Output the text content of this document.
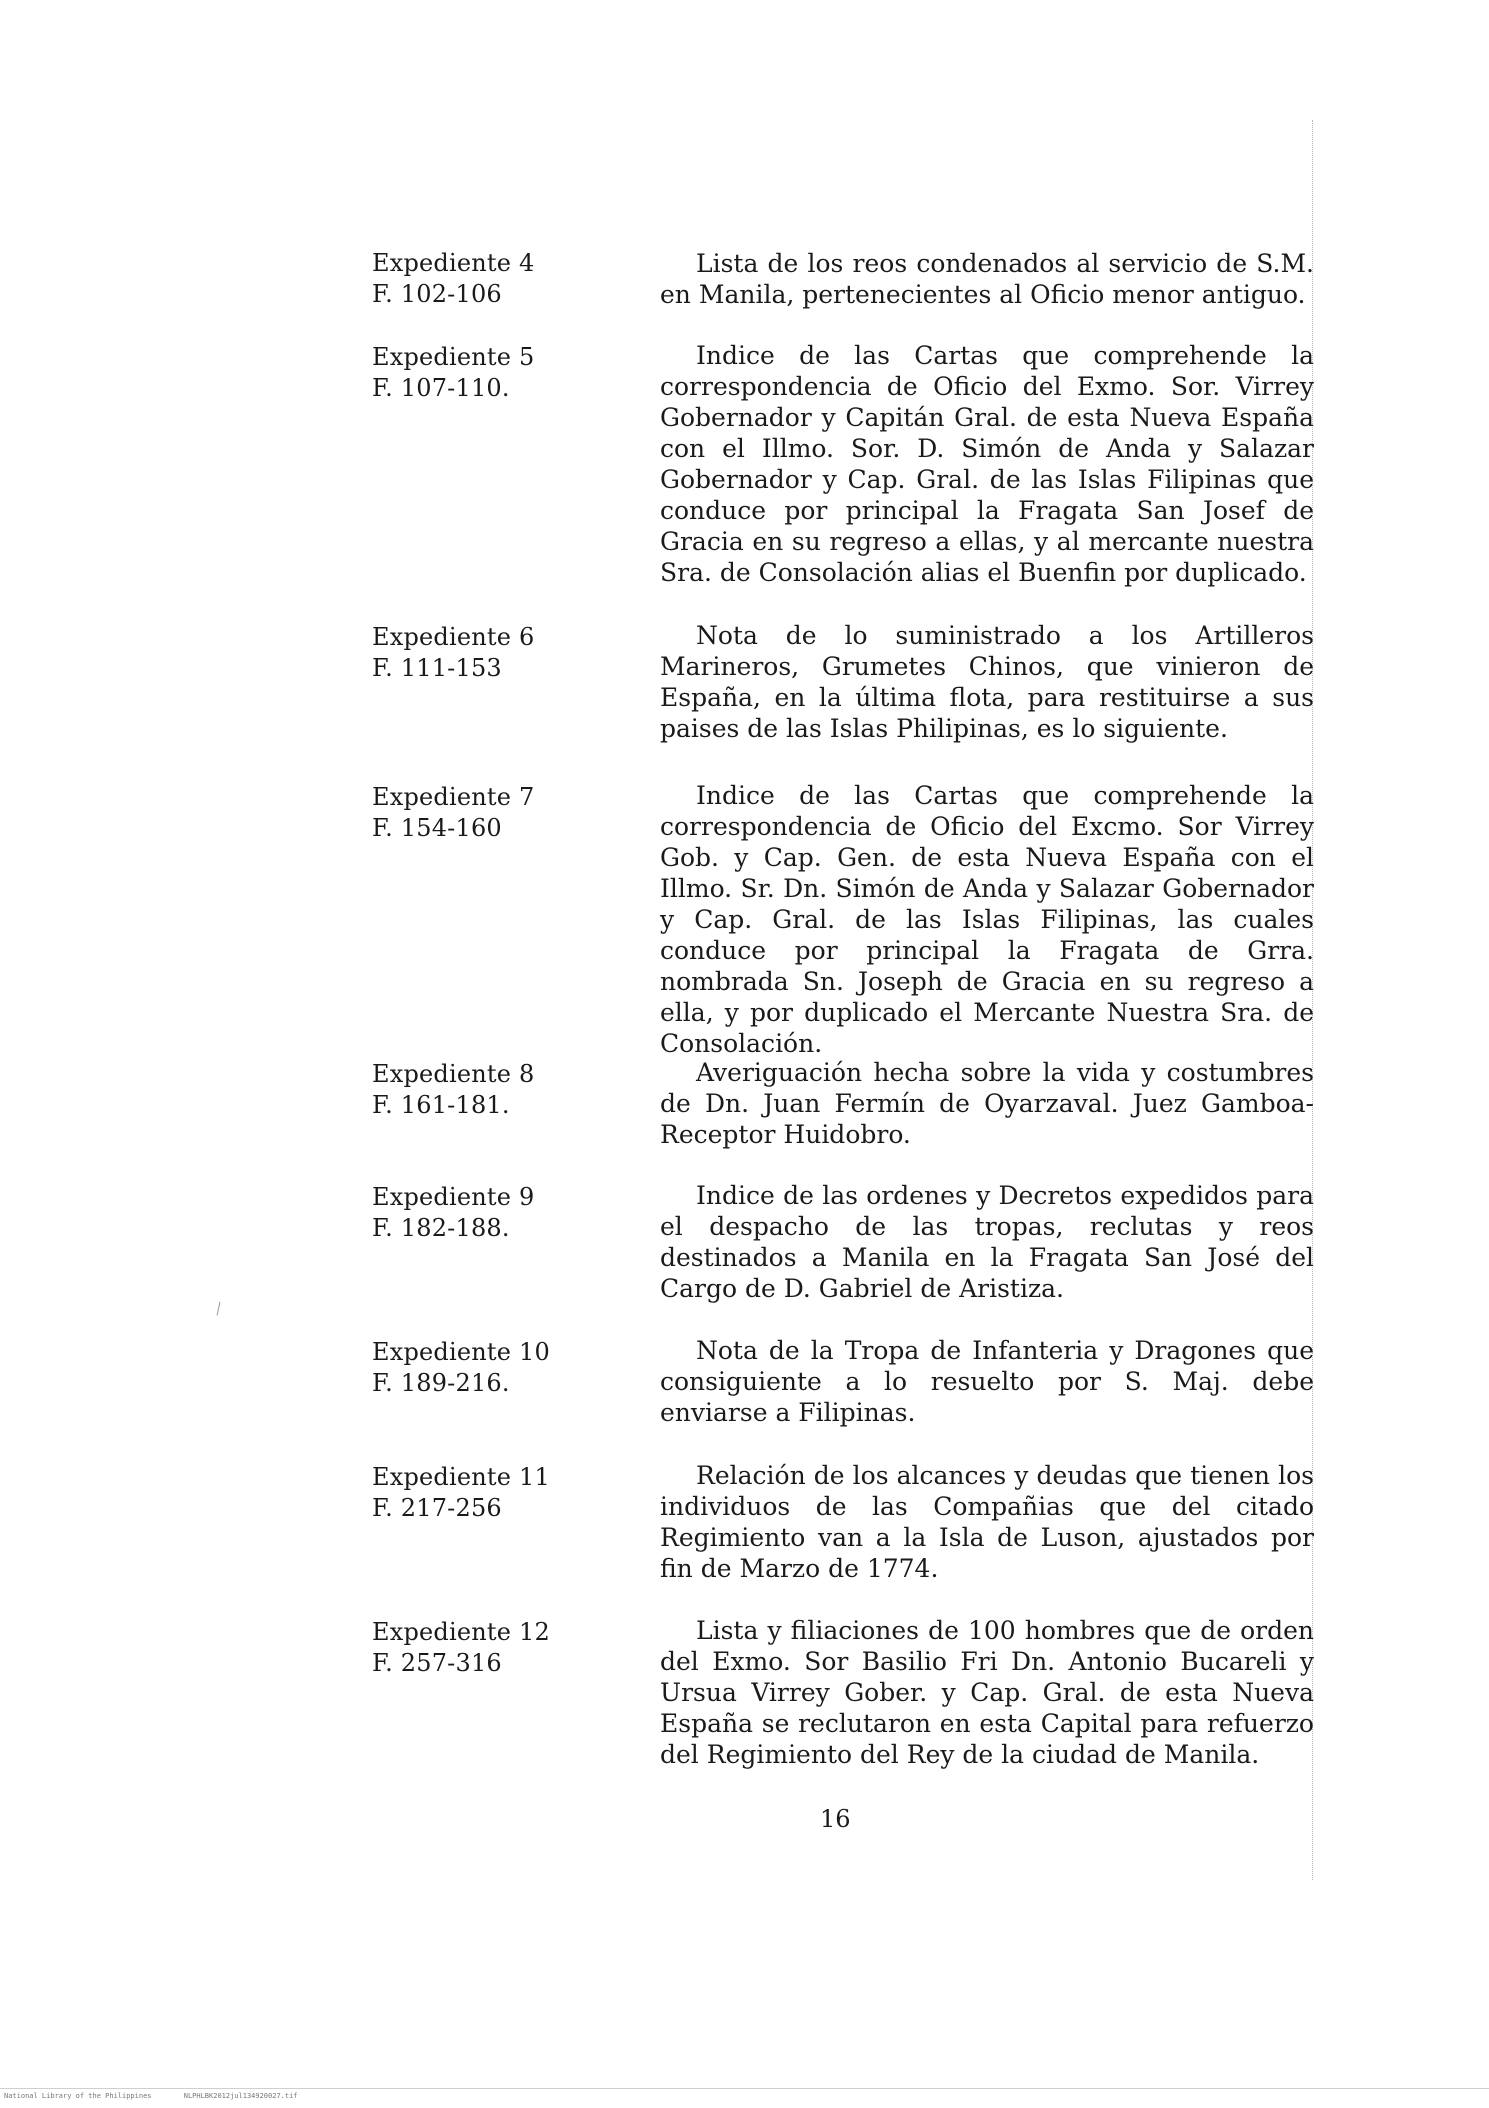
Expediente 4
F. 102-106
Lista de los reos condenados al servicio de S.M. en Manila, pertenecientes al Oficio menor antiguo.
Expediente 5
F. 107-110.
Indice de las Cartas que comprehende la correspondencia de Oficio del Exmo. Sor. Virrey Gobernador y Capitán Gral. de esta Nueva España con el Illmo. Sor. D. Simón de Anda y Salazar Gobernador y Cap. Gral. de las Islas Filipinas que conduce por principal la Fragata San Josef de Gracia en su regreso a ellas, y al mercante nuestra Sra. de Consolación alias el Buenfin por duplicado.
Expediente 6
F. 111-153
Nota de lo suministrado a los Artilleros Marineros, Grumetes Chinos, que vinieron de España, en la última flota, para restituirse a sus paises de las Islas Philipinas, es lo siguiente.
Expediente 7
F. 154-160
Indice de las Cartas que comprehende la correspondencia de Oficio del Excmo. Sor Virrey Gob. y Cap. Gen. de esta Nueva España con el Illmo. Sr. Dn. Simón de Anda y Salazar Gobernador y Cap. Gral. de las Islas Filipinas, las cuales conduce por principal la Fragata de Grra. nombrada Sn. Joseph de Gracia en su regreso a ella, y por duplicado el Mercante Nuestra Sra. de Consolación.
Expediente 8
F. 161-181.
Averiguación hecha sobre la vida y costumbres de Dn. Juan Fermín de Oyarzaval. Juez Gamboa-Receptor Huidobro.
Expediente 9
F. 182-188.
Indice de las ordenes y Decretos expedidos para el despacho de las tropas, reclutas y reos destinados a Manila en la Fragata San José del Cargo de D. Gabriel de Aristiza.
Expediente 10
F. 189-216.
Nota de la Tropa de Infanteria y Dragones que consiguiente a lo resuelto por S. Maj. debe enviarse a Filipinas.
Expediente 11
F. 217-256
Relación de los alcances y deudas que tienen los individuos de las Compañias que del citado Regimiento van a la Isla de Luson, ajustados por fin de Marzo de 1774.
Expediente 12
F. 257-316
Lista y filiaciones de 100 hombres que de orden del Exmo. Sor Basilio Fri Dn. Antonio Bucareli y Ursua Virrey Gober. y Cap. Gral. de esta Nueva España se reclutaron en esta Capital para refuerzo del Regimiento del Rey de la ciudad de Manila.
16
National Library of the Philippines	NLPHLBK2012jul134920027.tif
